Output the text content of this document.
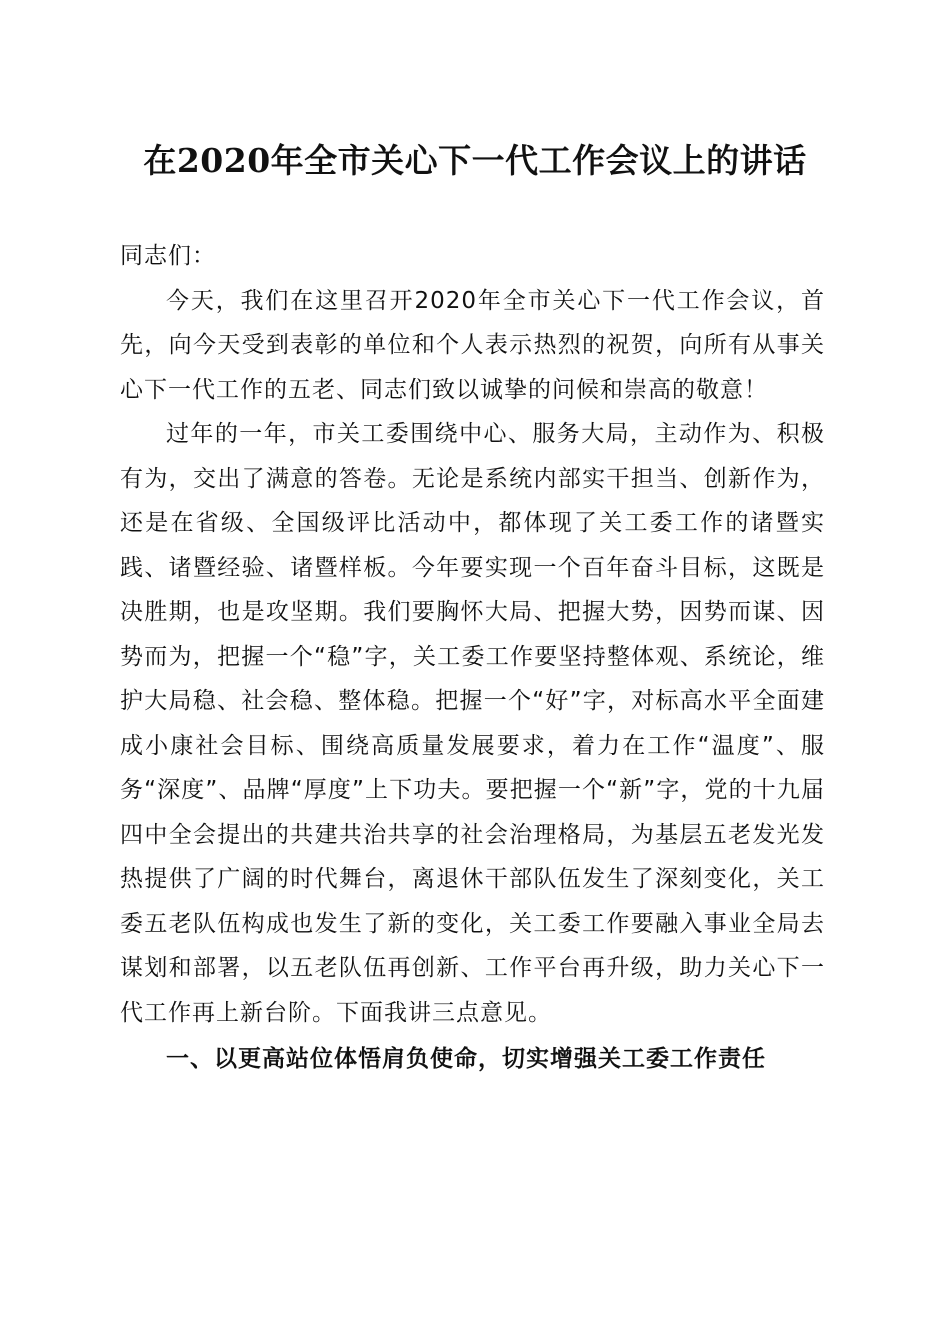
在2020年全市关心下一代工作会议上的讲话

同志们：

今天，我们在这里召开2020年全市关心下一代工作会议，首先，向今天受到表彰的单位和个人表示热烈的祝贺，向所有从事关心下一代工作的五老、同志们致以诚挚的问候和崇高的敬意！

过年的一年，市关工委围绕中心、服务大局，主动作为、积极有为，交出了满意的答卷。无论是系统内部实干担当、创新作为，还是在省级、全国级评比活动中，都体现了关工委工作的诸暨实践、诸暨经验、诸暨样板。今年要实现一个百年奋斗目标，这既是决胜期，也是攻坚期。我们要胸怀大局、把握大势，因势而谋、因势而为，把握一个“稳”字，关工委工作要坚持整体观、系统论，维护大局稳、社会稳、整体稳。把握一个“好”字，对标高水平全面建成小康社会目标、围绕高质量发展要求，着力在工作“温度”、服务“深度”、品牌“厚度”上下功夫。要把握一个“新”字，党的十九届四中全会提出的共建共治共享的社会治理格局，为基层五老发光发热提供了广阔的时代舞台，离退休干部队伍发生了深刻变化，关工委五老队伍构成也发生了新的变化，关工委工作要融入事业全局去谋划和部署，以五老队伍再创新、工作平台再升级，助力关心下一代工作再上新台阶。下面我讲三点意见。

一、以更高站位体悟肩负使命，切实增强关工委工作责任
